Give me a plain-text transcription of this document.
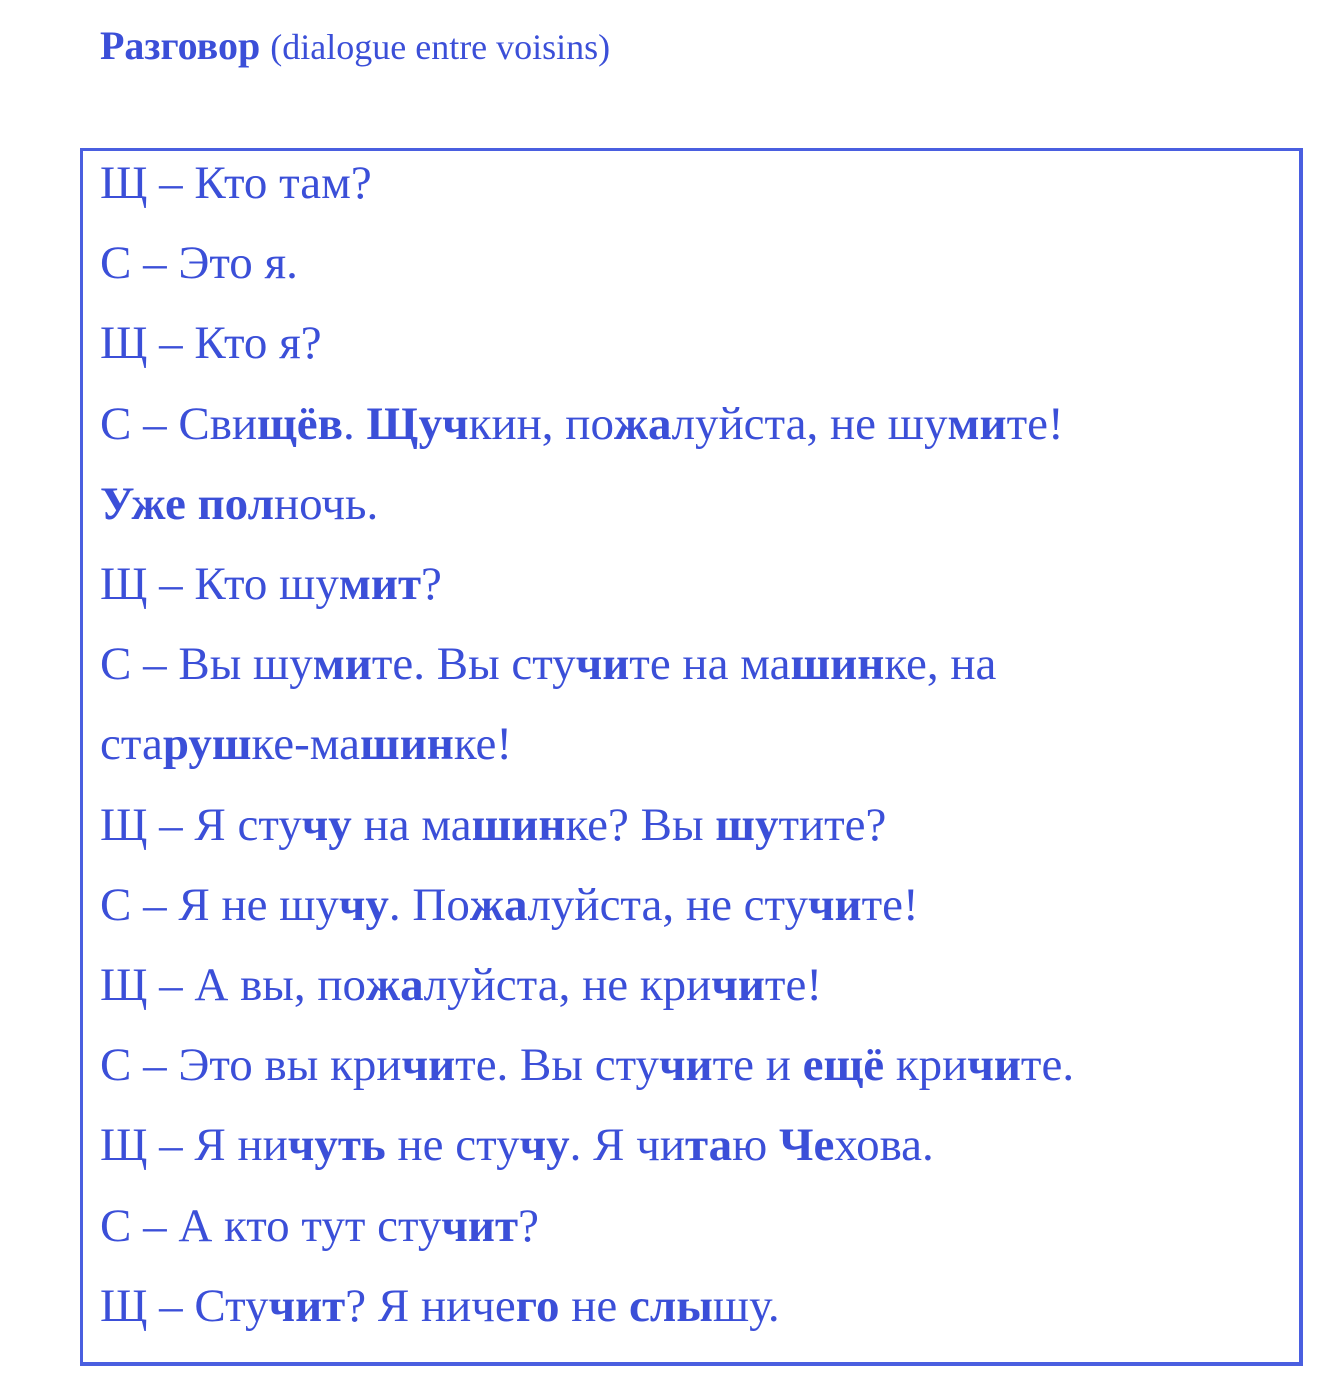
Разговор (dialogue entre voisins)
Щ – Кто там?
С – Это я.
Щ – Кто я?
С – Свищёв. Щучкин, пожалуйста, не шумите!
Уже полночь.
Щ – Кто шумит?
С – Вы шумите. Вы стучите на машинке, на
старушке-машинке!
Щ – Я стучу на машинке? Вы шутите?
С – Я не шучу. Пожалуйста, не стучите!
Щ – А вы, пожалуйста, не кричите!
С – Это вы кричите. Вы стучите и ещё кричите.
Щ – Я ничуть не стучу. Я читаю Чехова.
С – А кто тут стучит?
Щ – Стучит? Я ничего не слышу.
